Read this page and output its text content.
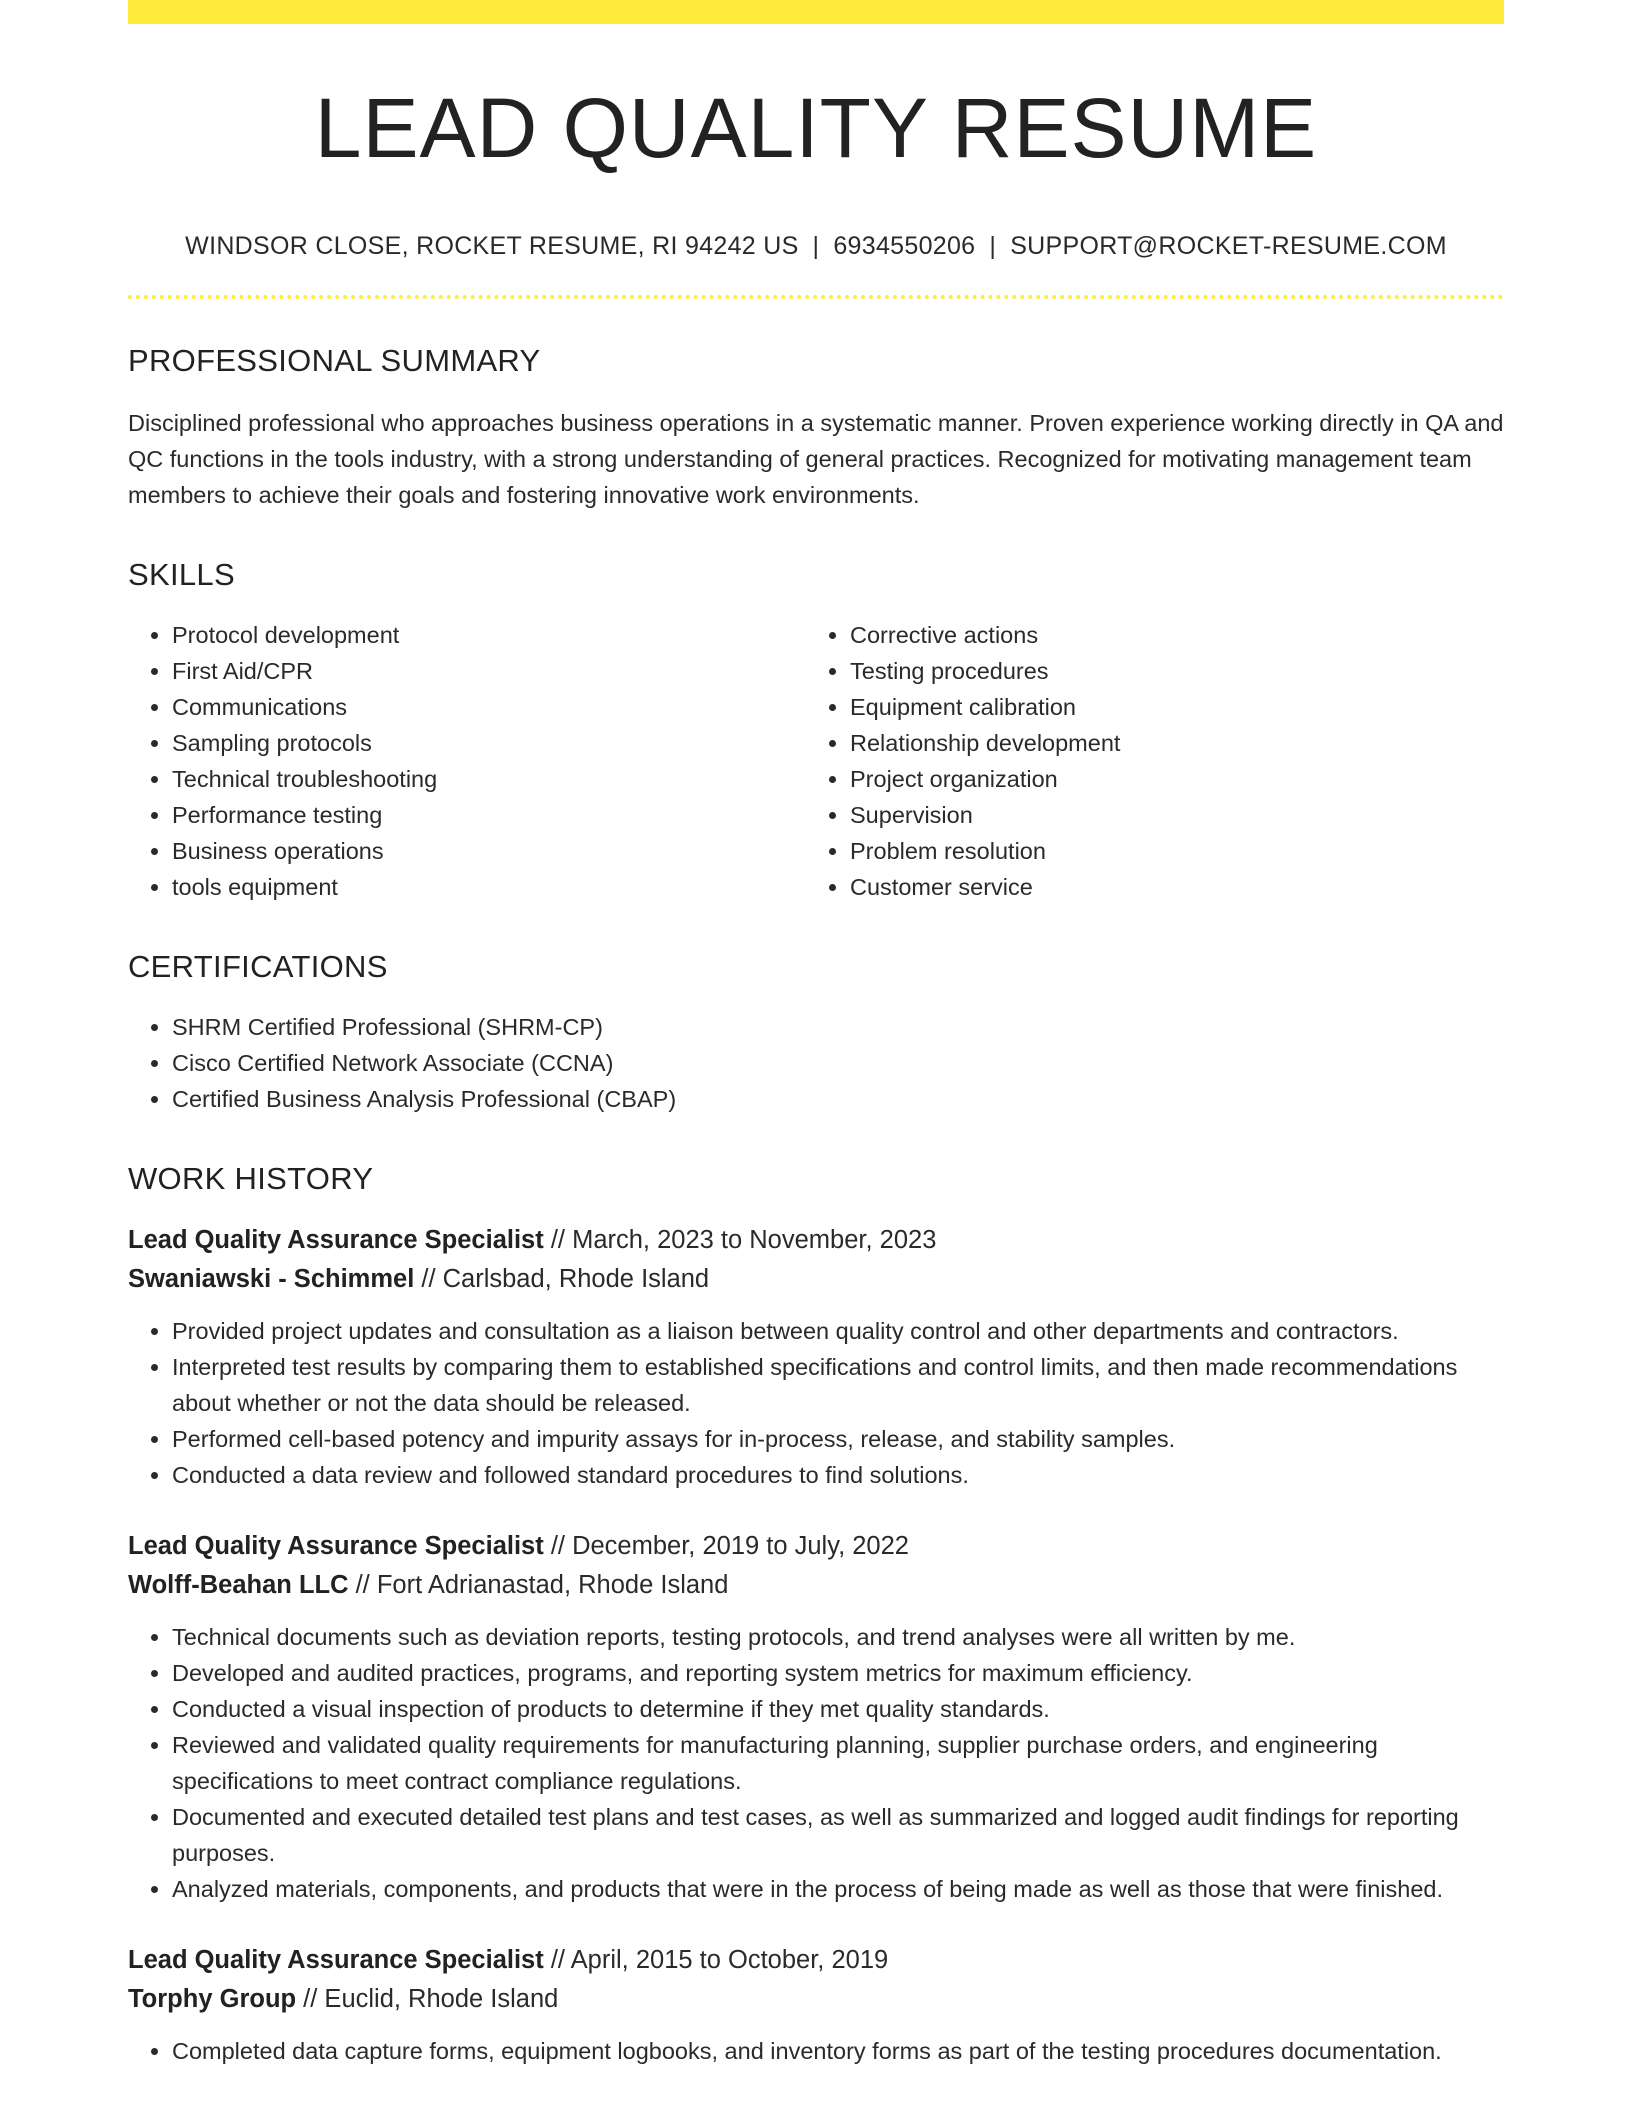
LEAD QUALITY RESUME
WINDSOR CLOSE, ROCKET RESUME, RI 94242 US | 6934550206 | SUPPORT@ROCKET-RESUME.COM
PROFESSIONAL SUMMARY

Disciplined professional who approaches business operations in a systematic manner. Proven experience working directly in QA and QC functions in the tools industry, with a strong understanding of general practices. Recognized for motivating management team members to achieve their goals and fostering innovative work environments.

SKILLS
• Protocol development
• First Aid/CPR
• Communications
• Sampling protocols
• Technical troubleshooting
• Performance testing
• Business operations
• tools equipment
• Corrective actions
• Testing procedures
• Equipment calibration
• Relationship development
• Project organization
• Supervision
• Problem resolution
• Customer service
CERTIFICATIONS
• SHRM Certified Professional (SHRM-CP)
• Cisco Certified Network Associate (CCNA)
• Certified Business Analysis Professional (CBAP)
WORK HISTORY
Lead Quality Assurance Specialist // March, 2023 to November, 2023
Swaniawski - Schimmel // Carlsbad, Rhode Island
• Provided project updates and consultation as a liaison between quality control and other departments and contractors.
• Interpreted test results by comparing them to established specifications and control limits, and then made recommendations about whether or not the data should be released.
• Performed cell-based potency and impurity assays for in-process, release, and stability samples.
• Conducted a data review and followed standard procedures to find solutions.
Lead Quality Assurance Specialist // December, 2019 to July, 2022
Wolff-Beahan LLC // Fort Adrianastad, Rhode Island
• Technical documents such as deviation reports, testing protocols, and trend analyses were all written by me.
• Developed and audited practices, programs, and reporting system metrics for maximum efficiency.
• Conducted a visual inspection of products to determine if they met quality standards.
• Reviewed and validated quality requirements for manufacturing planning, supplier purchase orders, and engineering specifications to meet contract compliance regulations.
• Documented and executed detailed test plans and test cases, as well as summarized and logged audit findings for reporting purposes.
• Analyzed materials, components, and products that were in the process of being made as well as those that were finished.
Lead Quality Assurance Specialist // April, 2015 to October, 2019
Torphy Group // Euclid, Rhode Island
• Completed data capture forms, equipment logbooks, and inventory forms as part of the testing procedures documentation.
